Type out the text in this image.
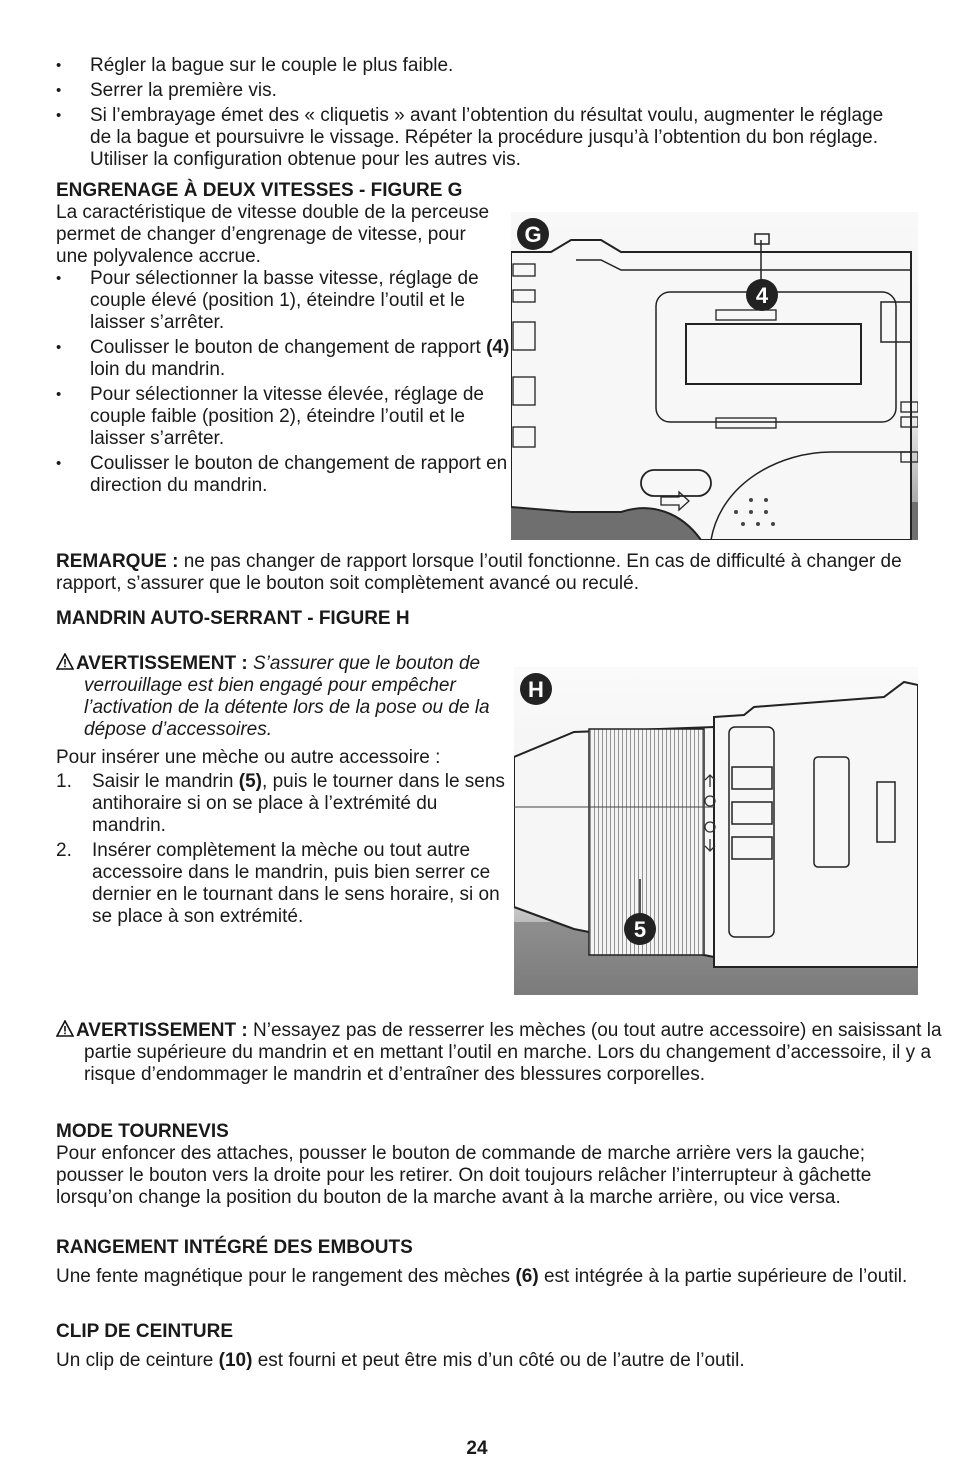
• Régler la bague sur le couple le plus faible.
• Serrer la première vis.
• Si l’embrayage émet des « cliquetis » avant l’obtention du résultat voulu, augmenter le réglage de la bague et poursuivre le vissage. Répéter la procédure jusqu’à l’obtention du bon réglage. Utiliser la configuration obtenue pour les autres vis.
ENGRENAGE À DEUX VITESSES - FIGURE G
La caractéristique de vitesse double de la perceuse permet de changer d’engrenage de vitesse, pour une polyvalence accrue.
• Pour sélectionner la basse vitesse, réglage de couple élevé (position 1), éteindre l’outil et le laisser s’arrêter.
• Coulisser le bouton de changement de rapport (4) loin du mandrin.
• Pour sélectionner la vitesse élevée, réglage de couple faible (position 2), éteindre l’outil et le laisser s’arrêter.
• Coulisser le bouton de changement de rapport en direction du mandrin.
G
4
REMARQUE : ne pas changer de rapport lorsque l’outil fonctionne. En cas de difficulté à changer de rapport, s’assurer que le bouton soit complètement avancé ou reculé.
MANDRIN AUTO-SERRANT - FIGURE H
AVERTISSEMENT : S’assurer que le bouton de verrouillage est bien engagé pour empêcher l’activation de la détente lors de la pose ou de la dépose d’accessoires.
Pour insérer une mèche ou autre accessoire :
1. Saisir le mandrin (5), puis le tourner dans le sens antihoraire si on se place à l’extrémité du mandrin.
2. Insérer complètement la mèche ou tout autre accessoire dans le mandrin, puis bien serrer ce dernier en le tournant dans le sens horaire, si on se place à son extrémité.
H
5
AVERTISSEMENT : N’essayez pas de resserrer les mèches (ou tout autre accessoire) en saisissant la partie supérieure du mandrin et en mettant l’outil en marche. Lors du changement d’accessoire, il y a risque d’endommager le mandrin et d’entraîner des blessures corporelles.
MODE TOURNEVIS
Pour enfoncer des attaches, pousser le bouton de commande de marche arrière vers la gauche; pousser le bouton vers la droite pour les retirer. On doit toujours relâcher l’interrupteur à gâchette lorsqu’on change la position du bouton de la marche avant à la marche arrière, ou vice versa.
RANGEMENT INTÉGRÉ DES EMBOUTS
Une fente magnétique pour le rangement des mèches (6) est intégrée à la partie supérieure de l’outil.
CLIP DE CEINTURE
Un clip de ceinture (10) est fourni et peut être mis d’un côté ou de l’autre de l’outil.
24
